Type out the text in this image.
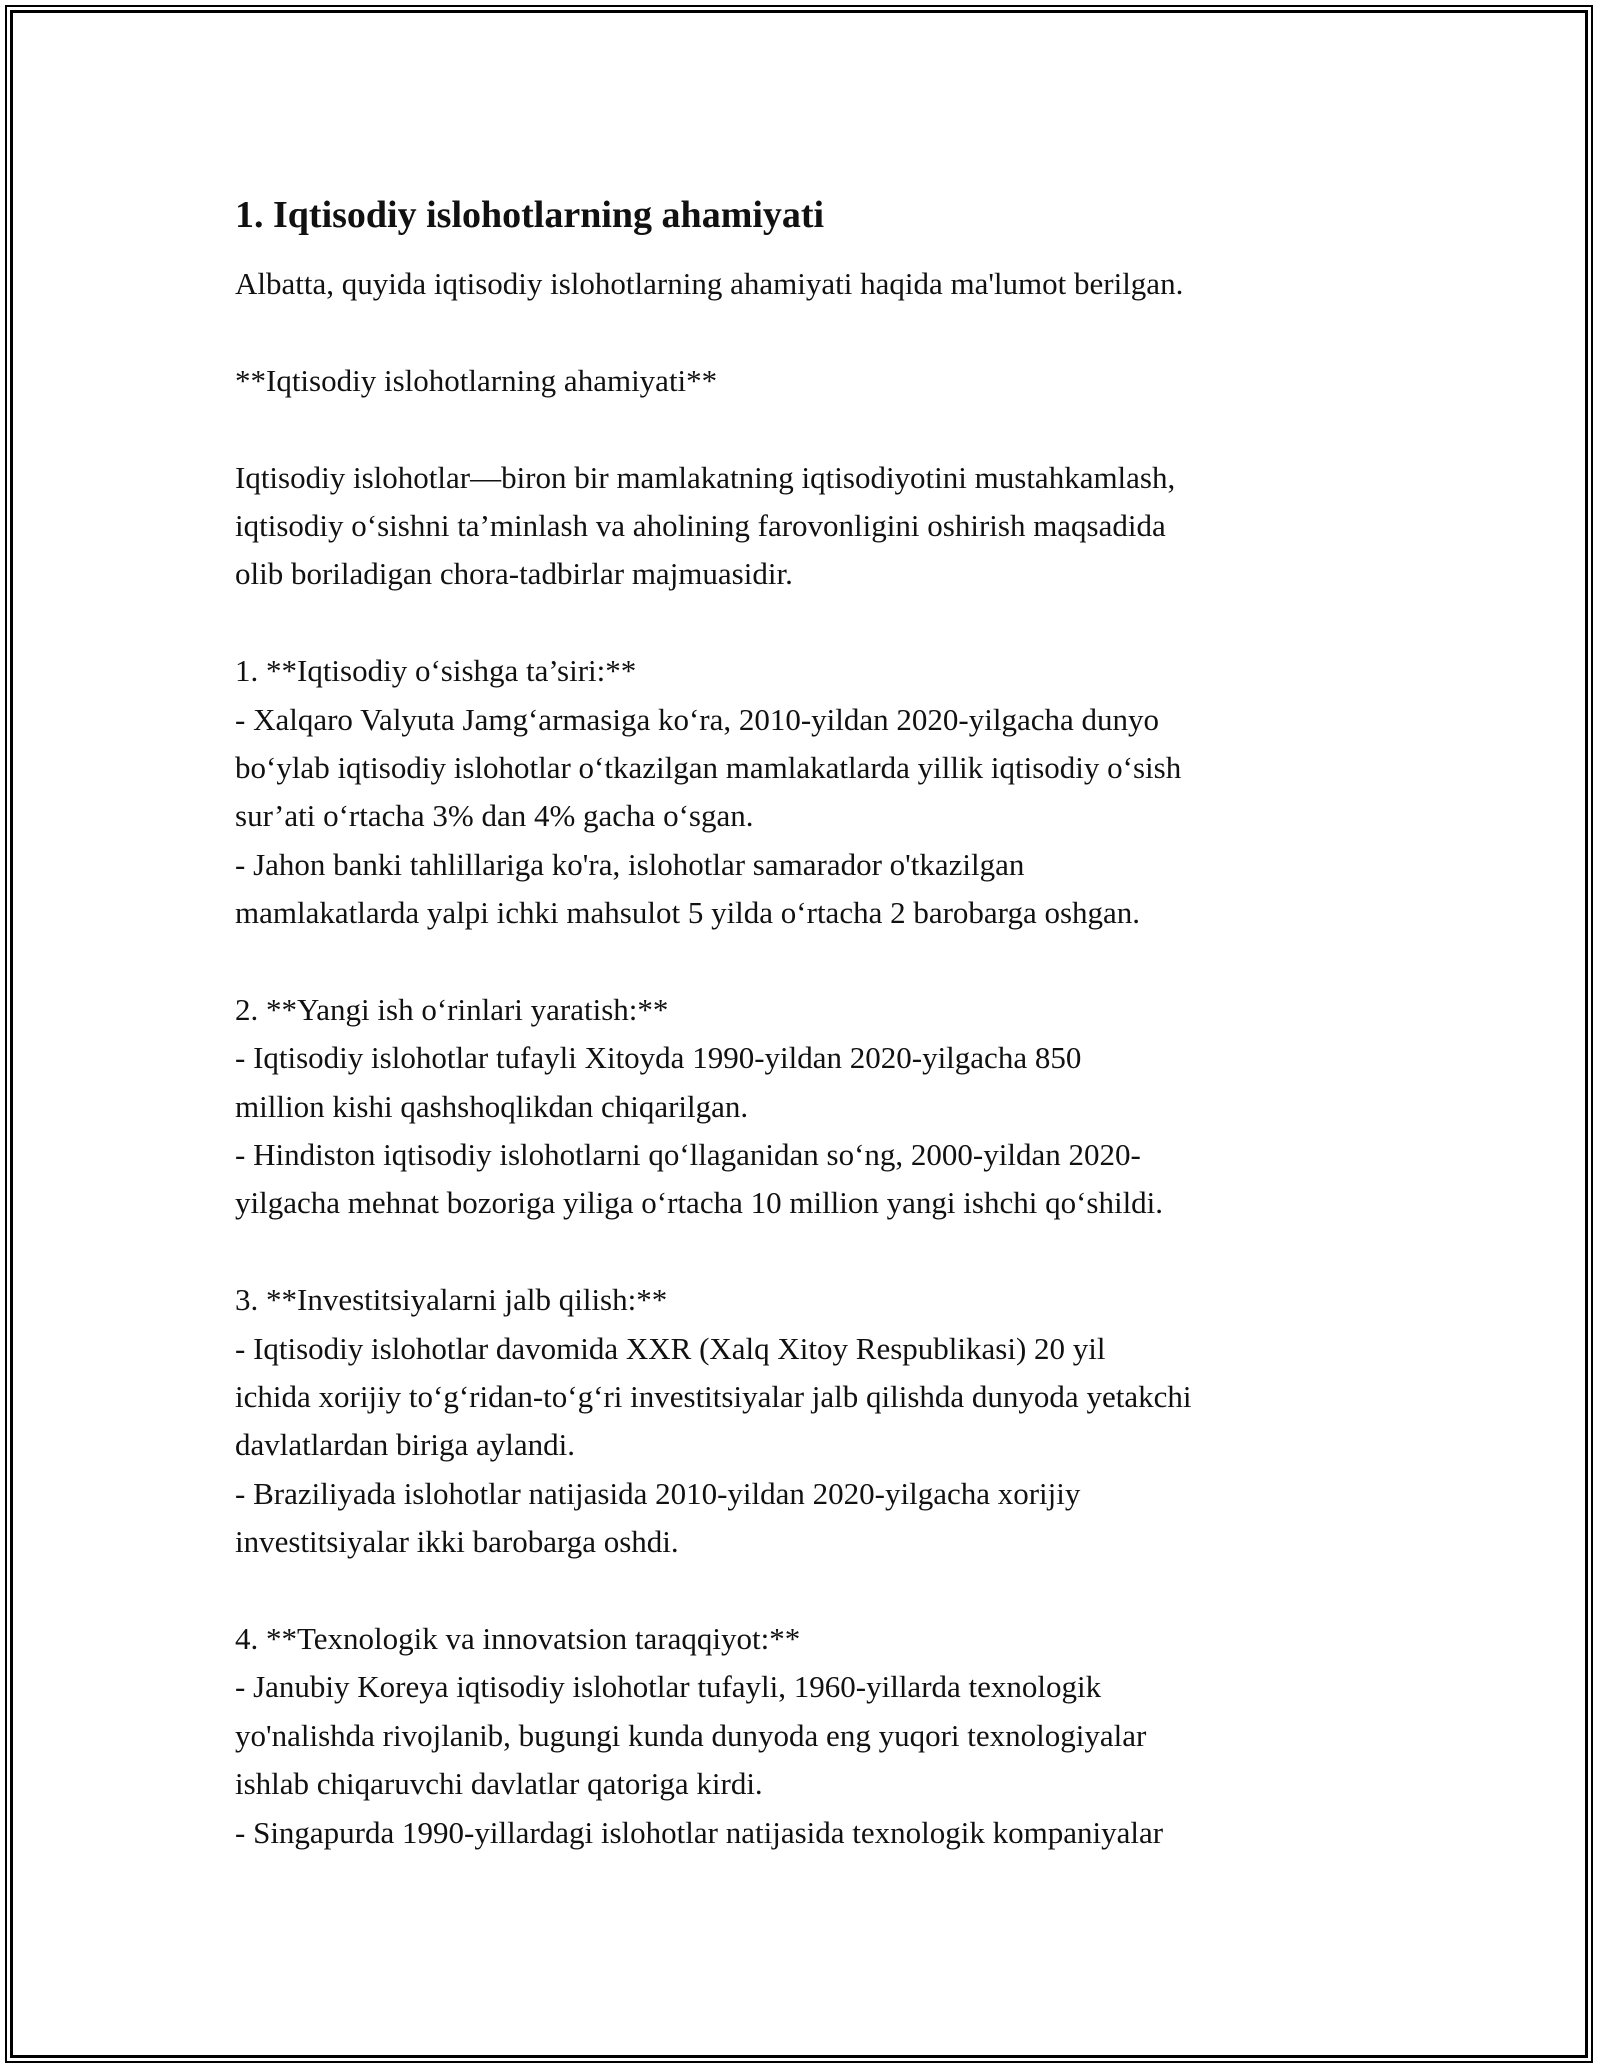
1. Iqtisodiy islohotlarning ahamiyati

Albatta, quyida iqtisodiy islohotlarning ahamiyati haqida ma'lumot berilgan.

**Iqtisodiy islohotlarning ahamiyati**

Iqtisodiy islohotlar—biron bir mamlakatning iqtisodiyotini mustahkamlash,

iqtisodiy o‘sishni ta’minlash va aholining farovonligini oshirish maqsadida

olib boriladigan chora-tadbirlar majmuasidir.

1. **Iqtisodiy o‘sishga ta’siri:**

- Xalqaro Valyuta Jamg‘armasiga ko‘ra, 2010-yildan 2020-yilgacha dunyo

bo‘ylab iqtisodiy islohotlar o‘tkazilgan mamlakatlarda yillik iqtisodiy o‘sish

sur’ati o‘rtacha 3% dan 4% gacha o‘sgan.

- Jahon banki tahlillariga ko'ra, islohotlar samarador o'tkazilgan

mamlakatlarda yalpi ichki mahsulot 5 yilda o‘rtacha 2 barobarga oshgan.

2. **Yangi ish o‘rinlari yaratish:**

- Iqtisodiy islohotlar tufayli Xitoyda 1990-yildan 2020-yilgacha 850

million kishi qashshoqlikdan chiqarilgan.

- Hindiston iqtisodiy islohotlarni qo‘llaganidan so‘ng, 2000-yildan 2020-

yilgacha mehnat bozoriga yiliga o‘rtacha 10 million yangi ishchi qo‘shildi.

3. **Investitsiyalarni jalb qilish:**

- Iqtisodiy islohotlar davomida XXR (Xalq Xitoy Respublikasi) 20 yil

ichida xorijiy to‘g‘ridan-to‘g‘ri investitsiyalar jalb qilishda dunyoda yetakchi

davlatlardan biriga aylandi.

- Braziliyada islohotlar natijasida 2010-yildan 2020-yilgacha xorijiy

investitsiyalar ikki barobarga oshdi.

4. **Texnologik va innovatsion taraqqiyot:**

- Janubiy Koreya iqtisodiy islohotlar tufayli, 1960-yillarda texnologik

yo'nalishda rivojlanib, bugungi kunda dunyoda eng yuqori texnologiyalar

ishlab chiqaruvchi davlatlar qatoriga kirdi.

- Singapurda 1990-yillardagi islohotlar natijasida texnologik kompaniyalar
